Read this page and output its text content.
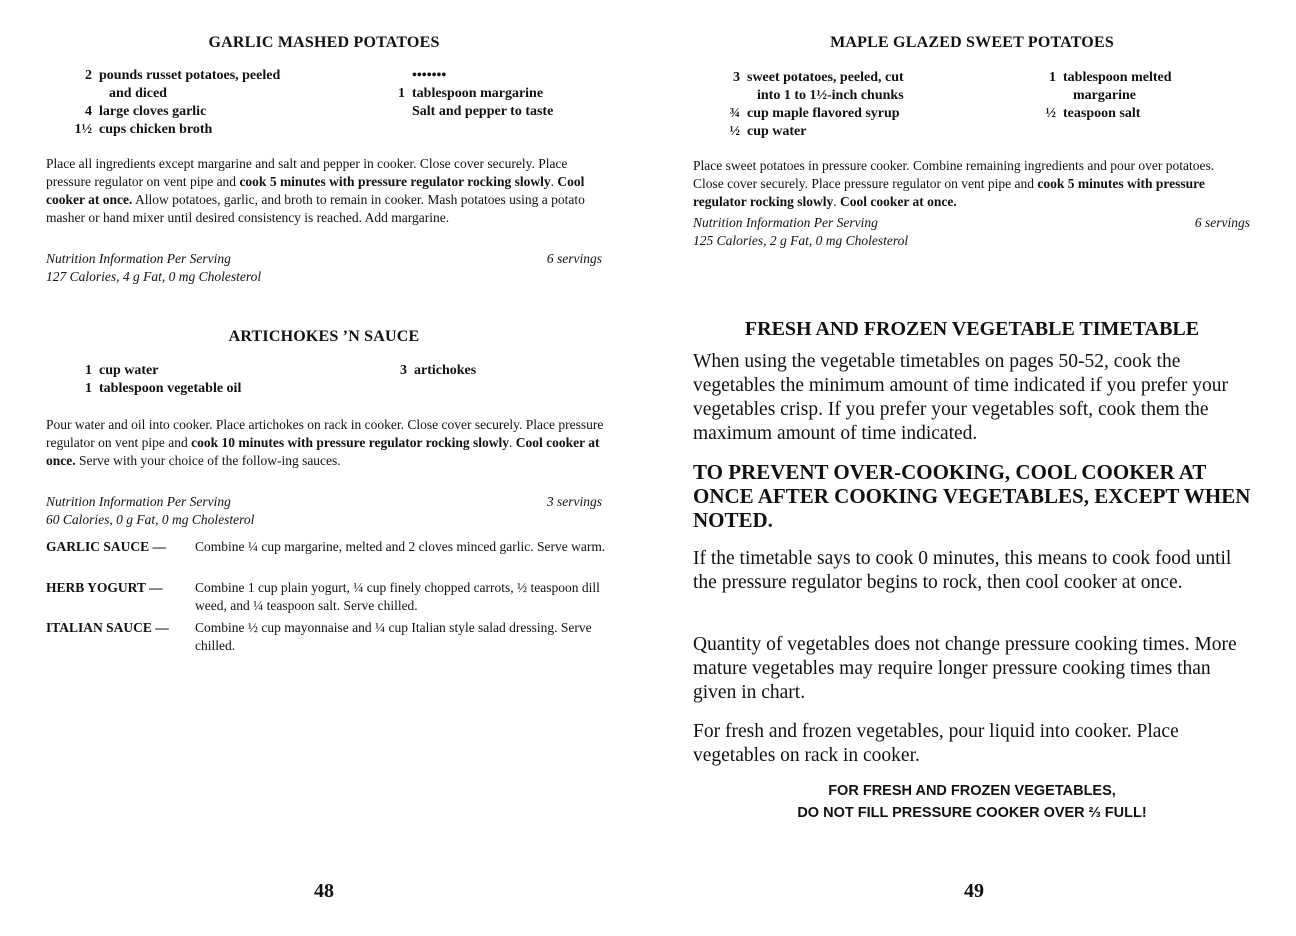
GARLIC MASHED POTATOES
2 pounds russet potatoes, peeled
and diced
4 large cloves garlic
1½ cups chicken broth
•••••••
1 tablespoon margarine
Salt and pepper to taste
Place all ingredients except margarine and salt and pepper in cooker. Close cover securely. Place pressure regulator on vent pipe and cook 5 minutes with pressure regulator rocking slowly. Cool cooker at once. Allow potatoes, garlic, and broth to remain in cooker. Mash potatoes using a potato masher or hand mixer until desired consistency is reached. Add margarine.
Nutrition Information Per Serving	6 servings
127 Calories, 4 g Fat, 0 mg Cholesterol
ARTICHOKES ’N SAUCE
1 cup water
1 tablespoon vegetable oil
3 artichokes
Pour water and oil into cooker. Place artichokes on rack in cooker. Close cover securely. Place pressure regulator on vent pipe and cook 10 minutes with pressure regulator rocking slowly. Cool cooker at once. Serve with your choice of the follow-ing sauces.
Nutrition Information Per Serving	3 servings
60 Calories, 0 g Fat, 0 mg Cholesterol
GARLIC SAUCE —	Combine ¼ cup margarine, melted and 2 cloves minced garlic. Serve warm.
HERB YOGURT —	Combine 1 cup plain yogurt, ¼ cup finely chopped carrots, ½ teaspoon dill weed, and ¼ teaspoon salt. Serve chilled.
ITALIAN SAUCE —	Combine ½ cup mayonnaise and ¼ cup Italian style salad dressing. Serve chilled.
48
MAPLE GLAZED SWEET POTATOES
3 sweet potatoes, peeled, cut
into 1 to 1½-inch chunks
¾ cup maple flavored syrup
½ cup water
1 tablespoon melted
margarine
½ teaspoon salt
Place sweet potatoes in pressure cooker. Combine remaining ingredients and pour over potatoes. Close cover securely. Place pressure regulator on vent pipe and cook 5 minutes with pressure regulator rocking slowly. Cool cooker at once.
Nutrition Information Per Serving	6 servings
125 Calories, 2 g Fat, 0 mg Cholesterol
FRESH AND FROZEN VEGETABLE TIMETABLE
When using the vegetable timetables on pages 50-52, cook the vegetables the minimum amount of time indicated if you prefer your vegetables crisp. If you prefer your vegetables soft, cook them the maximum amount of time indicated.
TO PREVENT OVER-COOKING, COOL COOKER AT ONCE AFTER COOKING VEGETABLES, EXCEPT WHEN NOTED.
If the timetable says to cook 0 minutes, this means to cook food until the pressure regulator begins to rock, then cool cooker at once.
Quantity of vegetables does not change pressure cooking times. More mature vegetables may require longer pressure cooking times than given in chart.
For fresh and frozen vegetables, pour liquid into cooker. Place vegetables on rack in cooker.
FOR FRESH AND FROZEN VEGETABLES,
DO NOT FILL PRESSURE COOKER OVER ⅔ FULL!
49
